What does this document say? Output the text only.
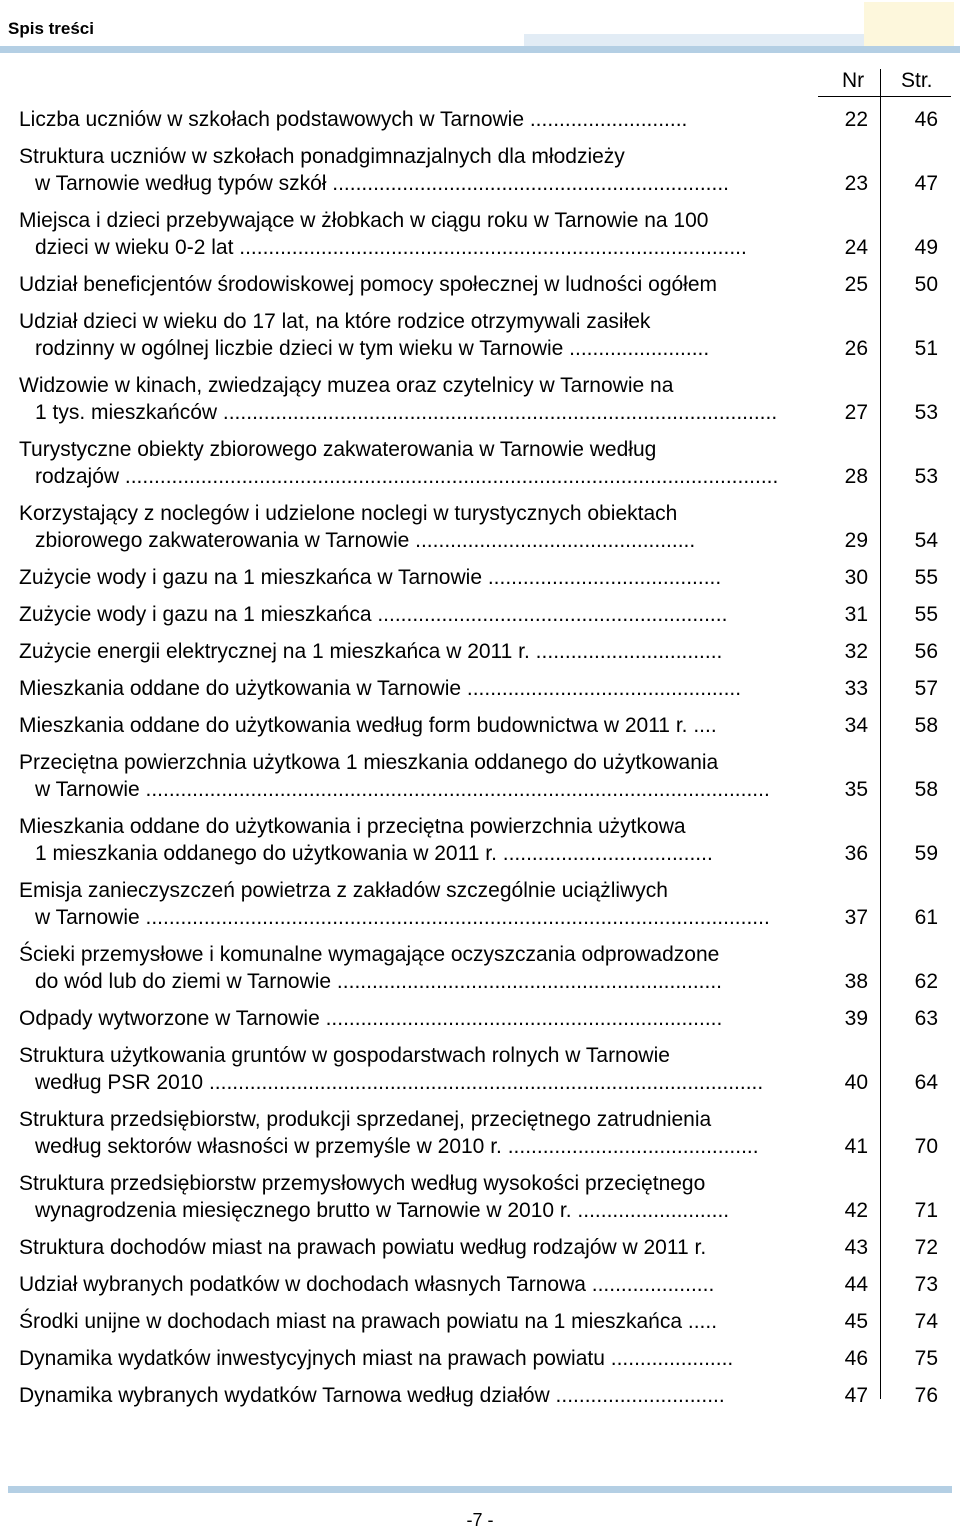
Spis treści
Nr Str.
Liczba uczniów w szkołach podstawowych w Tarnowie ...........................	22	46
Struktura uczniów w szkołach ponadgimnazjalnych dla młodzieży
w Tarnowie według typów szkół ....................................................................	23	47
Miejsca i dzieci przebywające w żłobkach w ciągu roku w Tarnowie na 100
dzieci w wieku 0-2 lat .......................................................................................	24	49
Udział beneficjentów środowiskowej pomocy społecznej w ludności ogółem	25	50
Udział dzieci w wieku do 17 lat, na które rodzice otrzymywali zasiłek
rodzinny w ogólnej liczbie dzieci w tym wieku w Tarnowie ........................	26	51
Widzowie w kinach, zwiedzający muzea oraz czytelnicy w Tarnowie na
1 tys. mieszkańców ...............................................................................................	27	53
Turystyczne obiekty zbiorowego zakwaterowania w Tarnowie według
rodzajów ................................................................................................................	28	53
Korzystający z noclegów i udzielone noclegi w turystycznych obiektach
zbiorowego zakwaterowania w Tarnowie ................................................	29	54
Zużycie wody i gazu na 1 mieszkańca w Tarnowie ........................................	30	55
Zużycie wody i gazu na 1 mieszkańca ............................................................	31	55
Zużycie energii elektrycznej na 1 mieszkańca w 2011 r. ................................	32	56
Mieszkania oddane do użytkowania w Tarnowie ...............................................	33	57
Mieszkania oddane do użytkowania według form budownictwa w 2011 r. ....	34	58
Przeciętna powierzchnia użytkowa 1 mieszkania oddanego do użytkowania
w Tarnowie ...........................................................................................................	35	58
Mieszkania oddane do użytkowania i przeciętna powierzchnia użytkowa
1 mieszkania oddanego do użytkowania w 2011 r. ....................................	36	59
Emisja zanieczyszczeń powietrza z zakładów szczególnie uciążliwych
w Tarnowie ...........................................................................................................	37	61
Ścieki przemysłowe i komunalne wymagające oczyszczania odprowadzone
do wód lub do ziemi w Tarnowie ..................................................................	38	62
Odpady wytworzone w Tarnowie ....................................................................	39	63
Struktura użytkowania gruntów w gospodarstwach rolnych w Tarnowie
według PSR 2010 ...............................................................................................	40	64
Struktura przedsiębiorstw, produkcji sprzedanej, przeciętnego zatrudnienia
według sektorów własności w przemyśle w 2010 r. ...........................................	41	70
Struktura przedsiębiorstw przemysłowych według wysokości przeciętnego
wynagrodzenia miesięcznego brutto w Tarnowie w 2010 r. ..........................	42	71
Struktura dochodów miast na prawach powiatu według rodzajów w 2011 r.	43	72
Udział wybranych podatków w dochodach własnych Tarnowa .....................	44	73
Środki unijne w dochodach miast na prawach powiatu na 1 mieszkańca .....	45	74
Dynamika wydatków inwestycyjnych miast na prawach powiatu .....................	46	75
Dynamika wybranych wydatków Tarnowa według działów .............................	47	76
-7 -
